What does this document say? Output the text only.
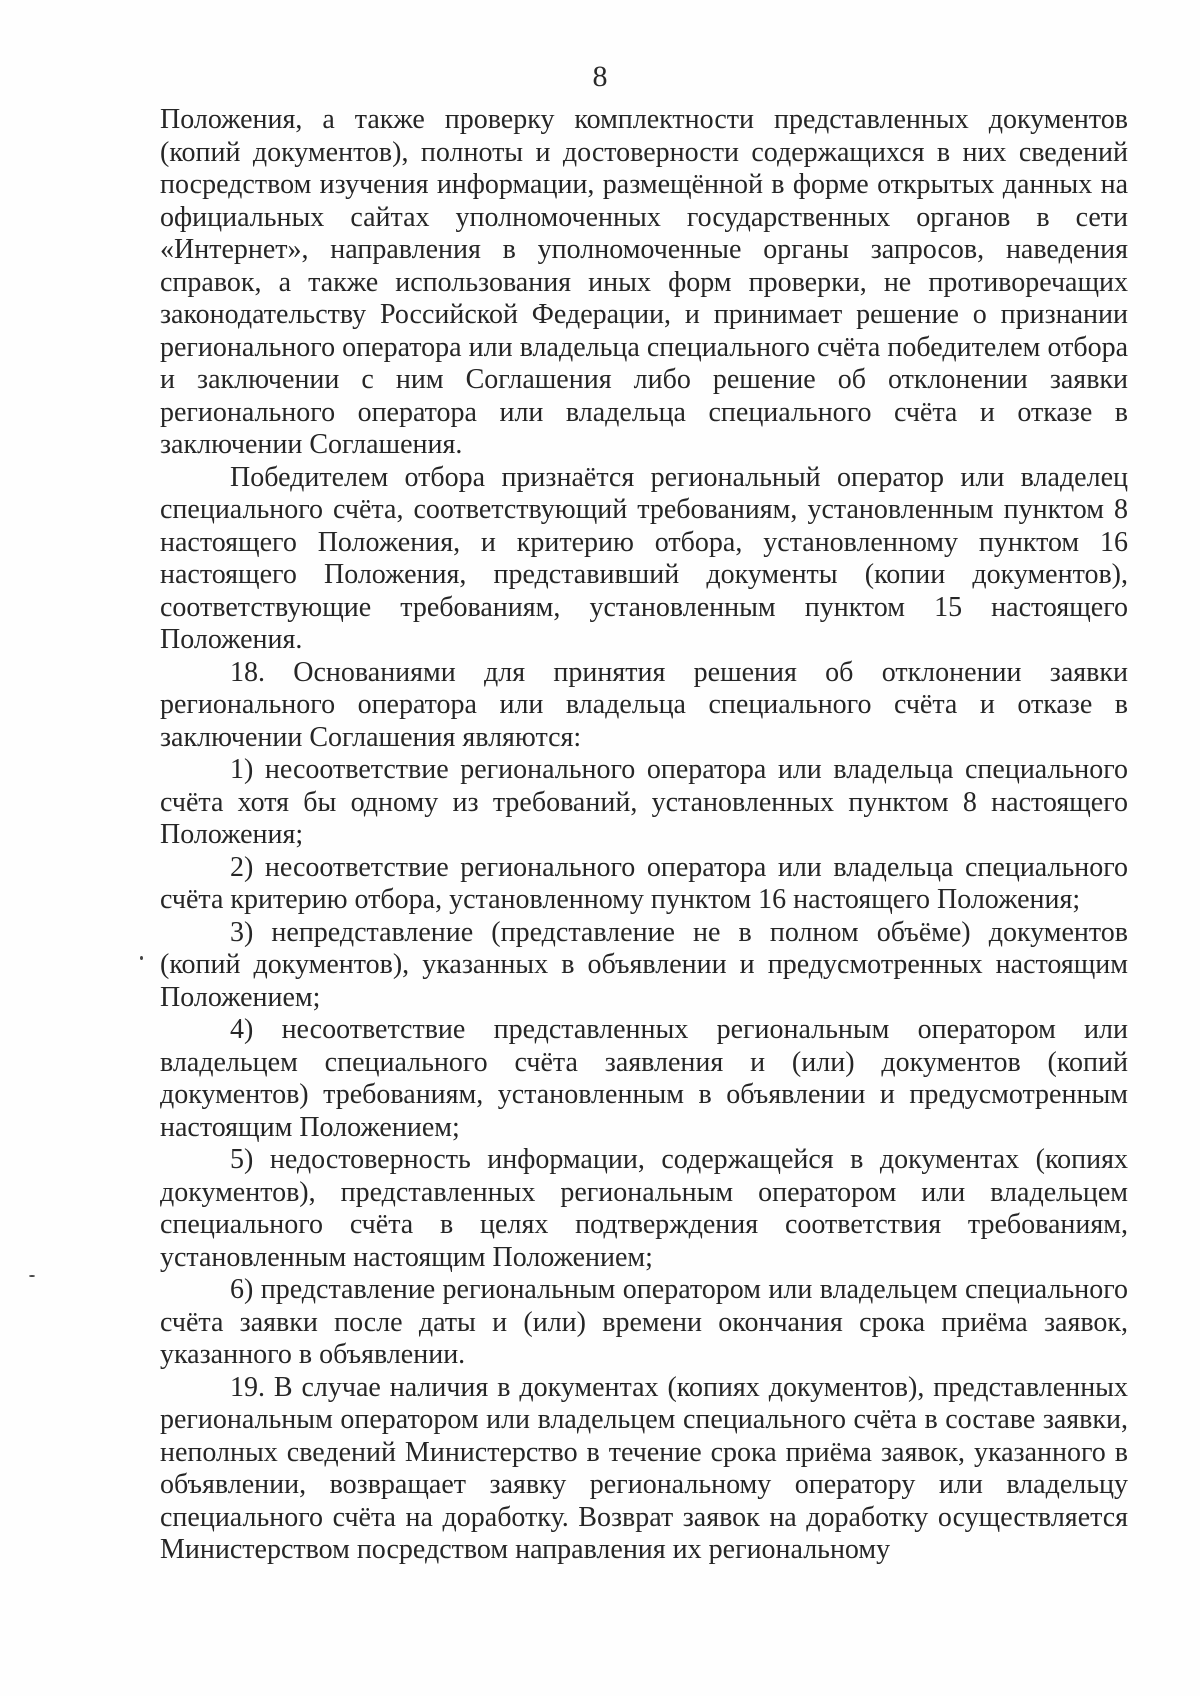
8

Положения, а также проверку комплектности представленных документов (копий документов), полноты и достоверности содержащихся в них сведений посредством изучения информации, размещённой в форме открытых данных на официальных сайтах уполномоченных государственных органов в сети «Интернет», направления в уполномоченные органы запросов, наведения справок, а также использования иных форм проверки, не противоречащих законодательству Российской Федерации, и принимает решение о признании регионального оператора или владельца специального счёта победителем отбора и заключении с ним Соглашения либо решение об отклонении заявки регионального оператора или владельца специального счёта и отказе в заключении Соглашения.

Победителем отбора признаётся региональный оператор или владелец специального счёта, соответствующий требованиям, установленным пунктом 8 настоящего Положения, и критерию отбора, установленному пунктом 16 настоящего Положения, представивший документы (копии документов), соответствующие требованиям, установленным пунктом 15 настоящего Положения.

18. Основаниями для принятия решения об отклонении заявки регионального оператора или владельца специального счёта и отказе в заключении Соглашения являются:

1) несоответствие регионального оператора или владельца специального счёта хотя бы одному из требований, установленных пунктом 8 настоящего Положения;

2) несоответствие регионального оператора или владельца специального счёта критерию отбора, установленному пунктом 16 настоящего Положения;

3) непредставление (представление не в полном объёме) документов (копий документов), указанных в объявлении и предусмотренных настоящим Положением;

4) несоответствие представленных региональным оператором или владельцем специального счёта заявления и (или) документов (копий документов) требованиям, установленным в объявлении и предусмотренным настоящим Положением;

5) недостоверность информации, содержащейся в документах (копиях документов), представленных региональным оператором или владельцем специального счёта в целях подтверждения соответствия требованиям, установленным настоящим Положением;

6) представление региональным оператором или владельцем специального счёта заявки после даты и (или) времени окончания срока приёма заявок, указанного в объявлении.

19. В случае наличия в документах (копиях документов), представленных региональным оператором или владельцем специального счёта в составе заявки, неполных сведений Министерство в течение срока приёма заявок, указанного в объявлении, возвращает заявку региональному оператору или владельцу специального счёта на доработку. Возврат заявок на доработку осуществляется Министерством посредством направления их региональному
